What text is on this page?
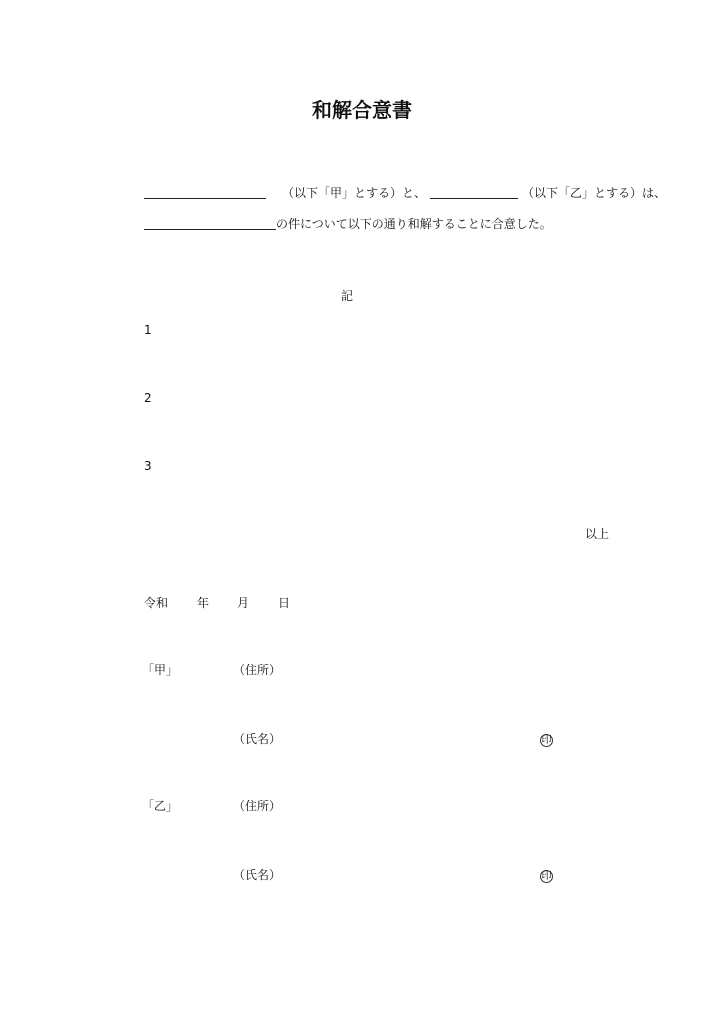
和解合意書
（以下「甲」とする）と、	（以下「乙」とする）は、
の件について以下の通り和解することに合意した。
記
1
2
3
以上
令和 年 月 日
「甲」	（住所）
（氏名）	印
「乙」	（住所）
（氏名）	印
